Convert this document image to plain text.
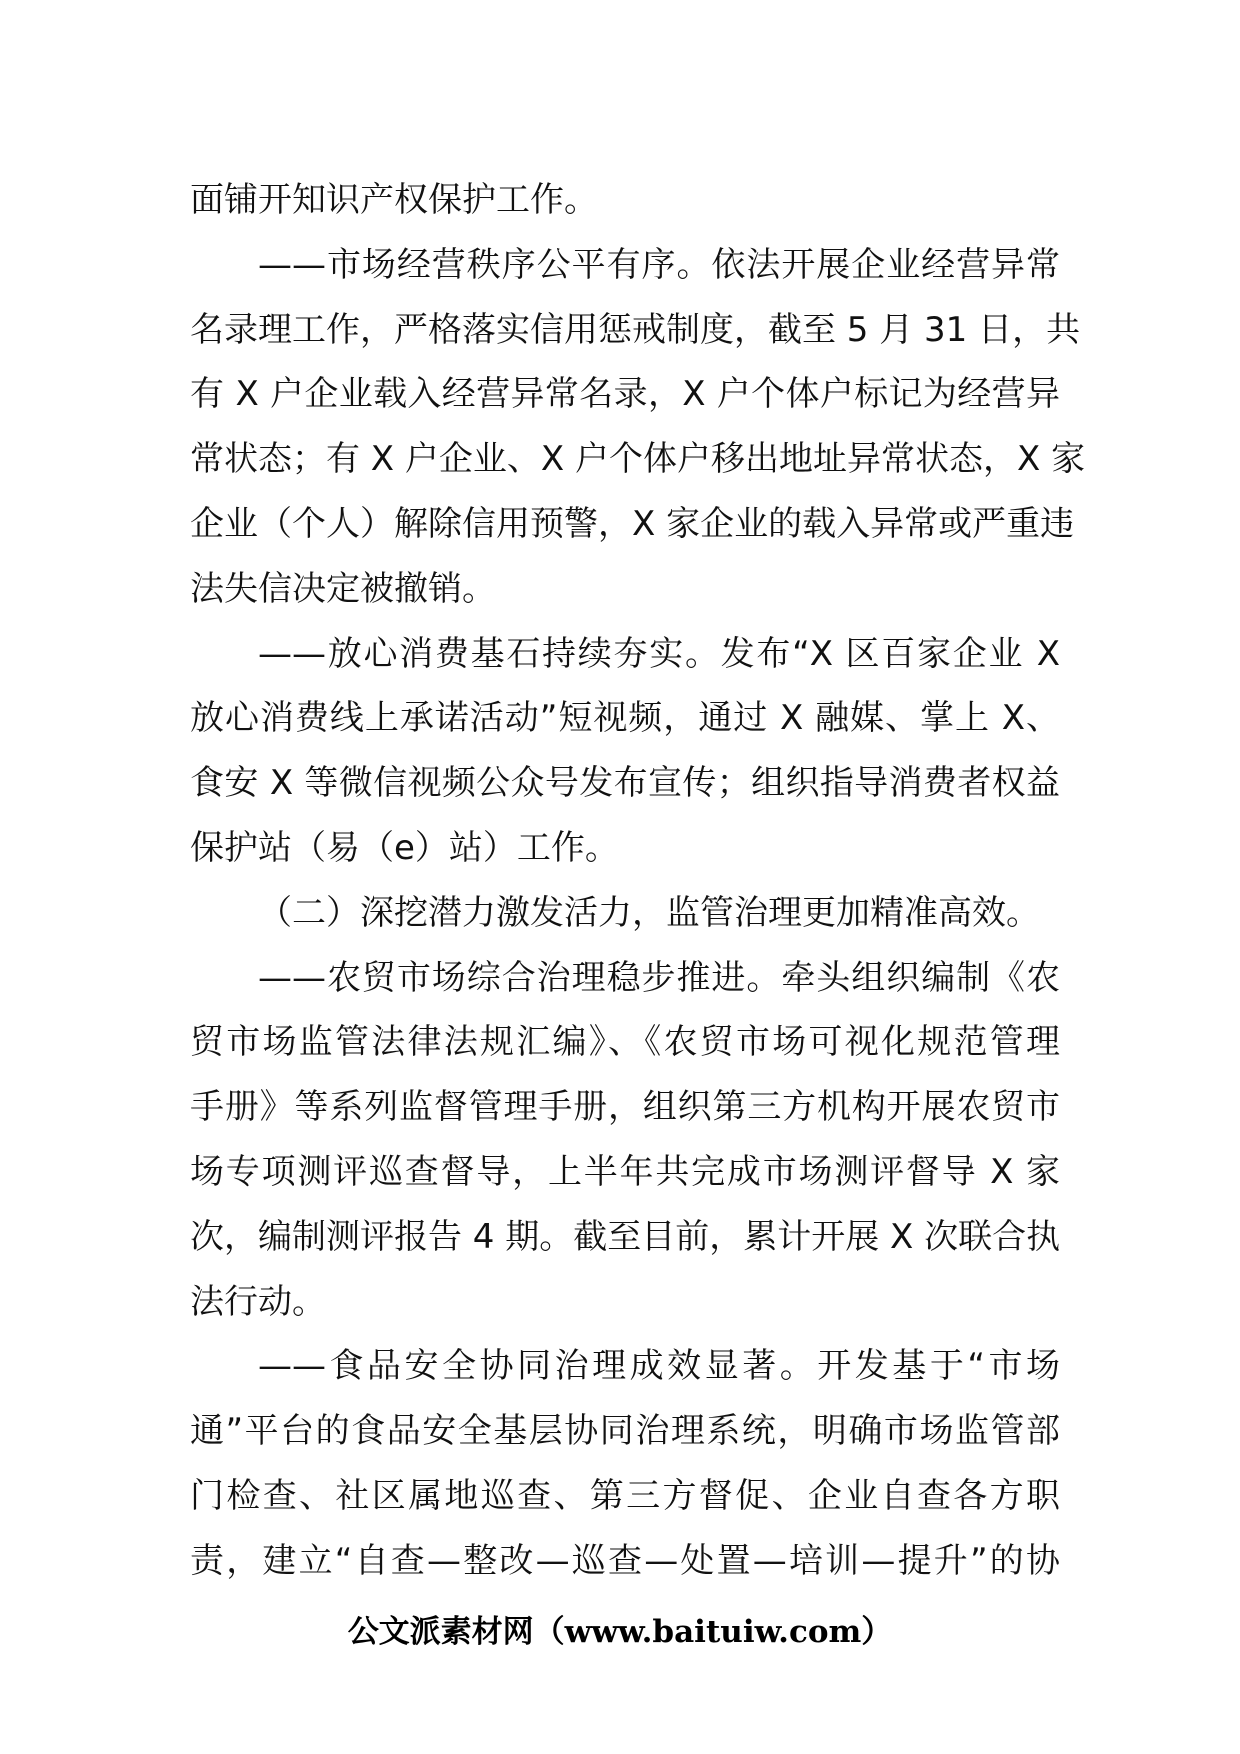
面铺开知识产权保护工作。
——市场经营秩序公平有序。依法开展企业经营异常
名录理工作，严格落实信用惩戒制度，截至 5 月 31 日，共
有 X 户企业载入经营异常名录，X 户个体户标记为经营异
常状态；有 X 户企业、X 户个体户移出地址异常状态，X 家
企业（个人）解除信用预警，X 家企业的载入异常或严重违
法失信决定被撤销。
——放心消费基石持续夯实。发布“X 区百家企业 X
放心消费线上承诺活动”短视频，通过 X 融媒、掌上 X、
食安 X 等微信视频公众号发布宣传；组织指导消费者权益
保护站（易（e）站）工作。
（二）深挖潜力激发活力，监管治理更加精准高效。
——农贸市场综合治理稳步推进。牵头组织编制《农
贸市场监管法律法规汇编》、《农贸市场可视化规范管理
手册》等系列监督管理手册，组织第三方机构开展农贸市
场专项测评巡查督导，上半年共完成市场测评督导 X 家
次，编制测评报告 4 期。截至目前，累计开展 X 次联合执
法行动。
——食品安全协同治理成效显著。开发基于“市场
通”平台的食品安全基层协同治理系统，明确市场监管部
门检查、社区属地巡查、第三方督促、企业自查各方职
责，建立“自查—整改—巡查—处置—培训—提升”的协
公文派素材网（www.baituiw.com）
